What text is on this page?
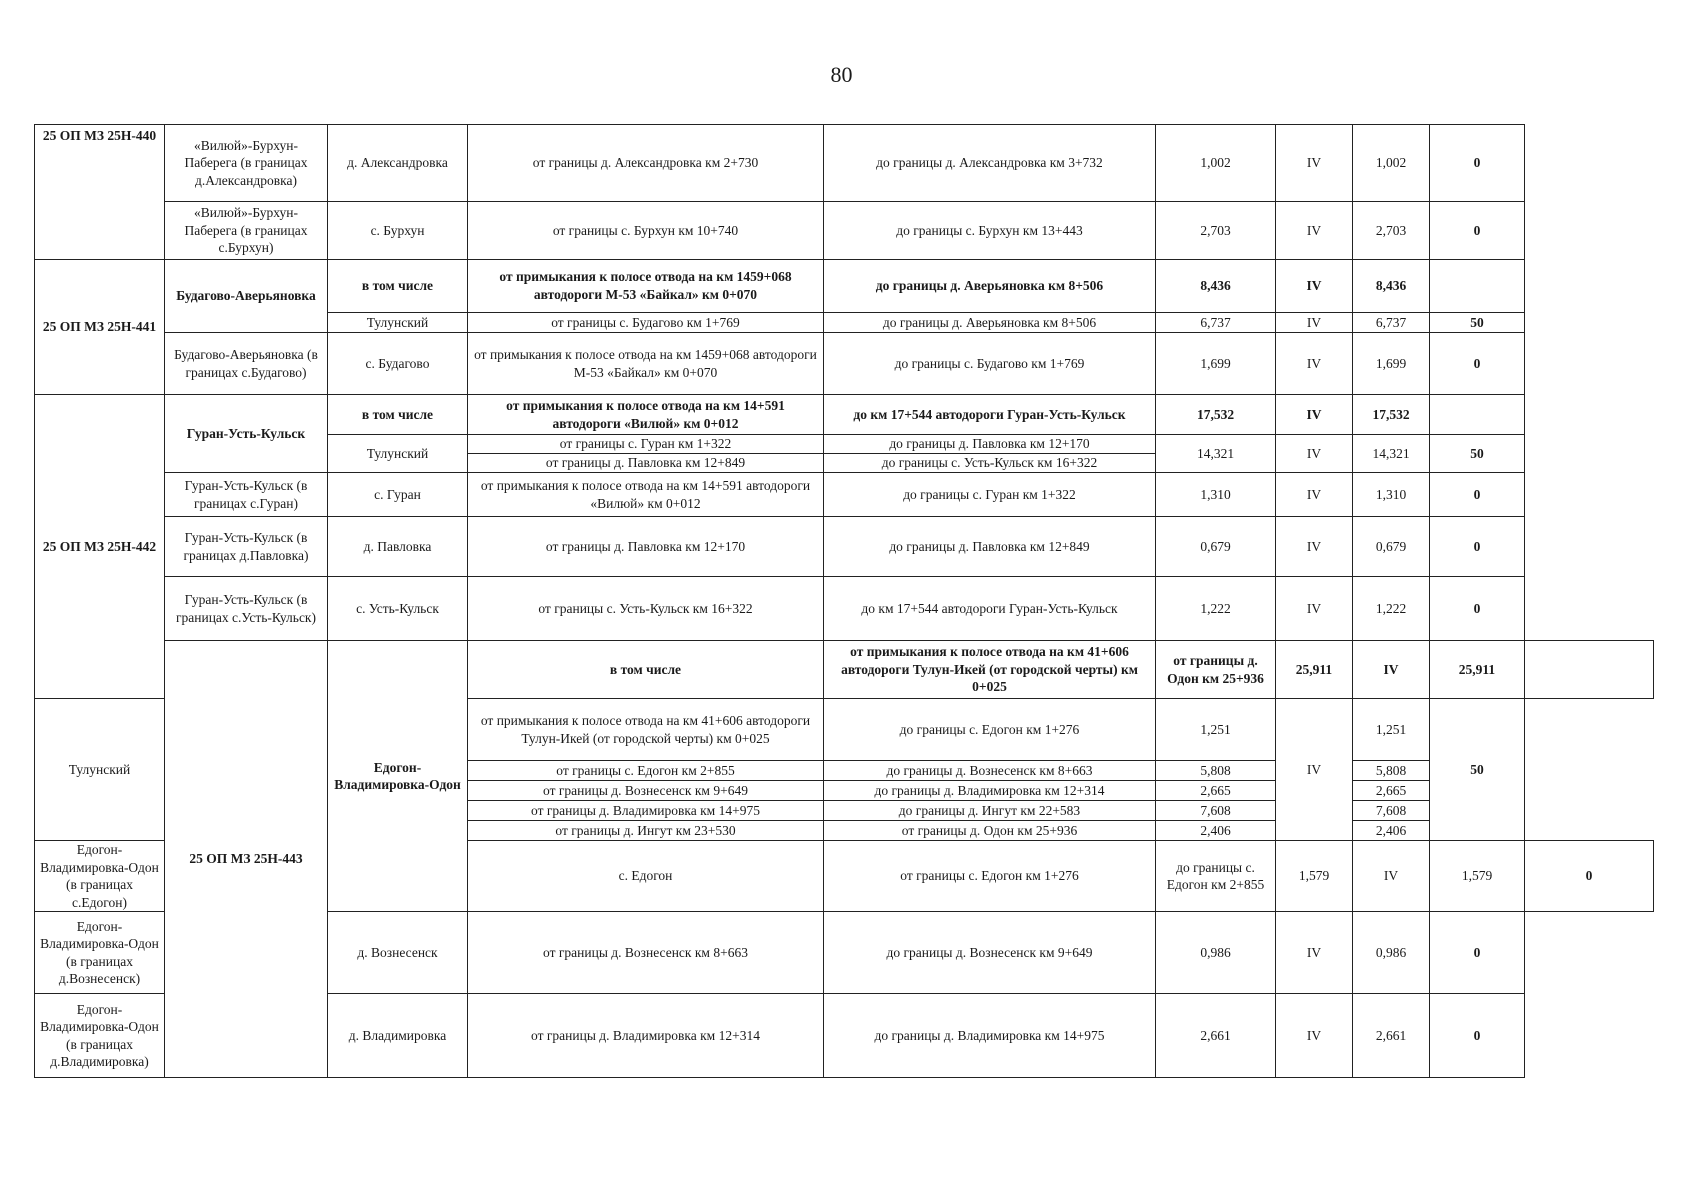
80
25 ОП МЗ 25Н-440	«Вилюй»-Бурхун-Паберега (в границах д.Александровка)	д. Александровка	от границы д. Александровка км 2+730	до границы д. Александровка км 3+732	1,002	IV	1,002	0	
	«Вилюй»-Бурхун-Паберега (в границах с.Бурхун)	с. Бурхун	от границы с. Бурхун км 10+740	до границы с. Бурхун км 13+443	2,703	IV	2,703	0	
25 ОП МЗ 25Н-441	Будагово-Аверьяновка	в том числе	от примыкания к полосе отвода на км 1459+068 автодороги М-53 «Байкал» км 0+070	до границы д. Аверьяновка км 8+506	8,436	IV	8,436		
		Тулунский	от границы с. Будагово км 1+769	до границы д. Аверьяновка км 8+506	6,737	IV	6,737	50	
	Будагово-Аверьяновка (в границах с.Будагово)	с. Будагово	от примыкания к полосе отвода на км 1459+068 автодороги М-53 «Байкал» км 0+070	до границы с. Будагово км 1+769	1,699	IV	1,699	0	
25 ОП МЗ 25Н-442	Гуран-Усть-Кульск	в том числе	от примыкания к полосе отвода на км 14+591 автодороги «Вилюй» км 0+012	до км 17+544 автодороги Гуран-Усть-Кульск	17,532	IV	17,532		
		Тулунский	от границы с. Гуран км 1+322	до границы д. Павловка км 12+170	14,321	IV	14,321	50	
			от границы д. Павловка км 12+849	до границы с. Усть-Кульск км 16+322					
	Гуран-Усть-Кульск (в границах с.Гуран)	с. Гуран	от примыкания к полосе отвода на км 14+591 автодороги «Вилюй» км 0+012	до границы с. Гуран км 1+322	1,310	IV	1,310	0	
	Гуран-Усть-Кульск (в границах д.Павловка)	д. Павловка	от границы д. Павловка км 12+170	до границы д. Павловка км 12+849	0,679	IV	0,679	0	
	Гуран-Усть-Кульск (в границах с.Усть-Кульск)	с. Усть-Кульск	от границы с. Усть-Кульск км 16+322	до км 17+544 автодороги Гуран-Усть-Кульск	1,222	IV	1,222	0	
	25 ОП МЗ 25Н-443	Едогон-Владимировка-Одон	в том числе	от примыкания к полосе отвода на км 41+606 автодороги Тулун-Икей (от городской черты) км 0+025	от границы д. Одон км 25+936	25,911	IV	25,911	
Тулунский			от примыкания к полосе отвода на км 41+606 автодороги Тулун-Икей (от городской черты) км 0+025	до границы с. Едогон км 1+276	1,251	IV	1,251	50	
			от границы с. Едогон км 2+855	до границы д. Вознесенск км 8+663	5,808		5,808		
			от границы д. Вознесенск км 9+649	до границы д. Владимировка км 12+314	2,665		2,665		
			от границы д. Владимировка км 14+975	до границы д. Ингут км 22+583	7,608		7,608		
			от границы д. Ингут км 23+530	от границы д. Одон км 25+936	2,406		2,406		
Едогон-Владимировка-Одон (в границах с.Едогон)			с. Едогон	от границы с. Едогон км 1+276	до границы с. Едогон км 2+855	1,579	IV	1,579	0
Едогон-Владимировка-Одон (в границах д.Вознесенск)		д. Вознесенск	от границы д. Вознесенск км 8+663	до границы д. Вознесенск км 9+649	0,986	IV	0,986	0	
Едогон-Владимировка-Одон (в границах д.Владимировка)		д. Владимировка	от границы д. Владимировка км 12+314	до границы д. Владимировка км 14+975	2,661	IV	2,661	0	
